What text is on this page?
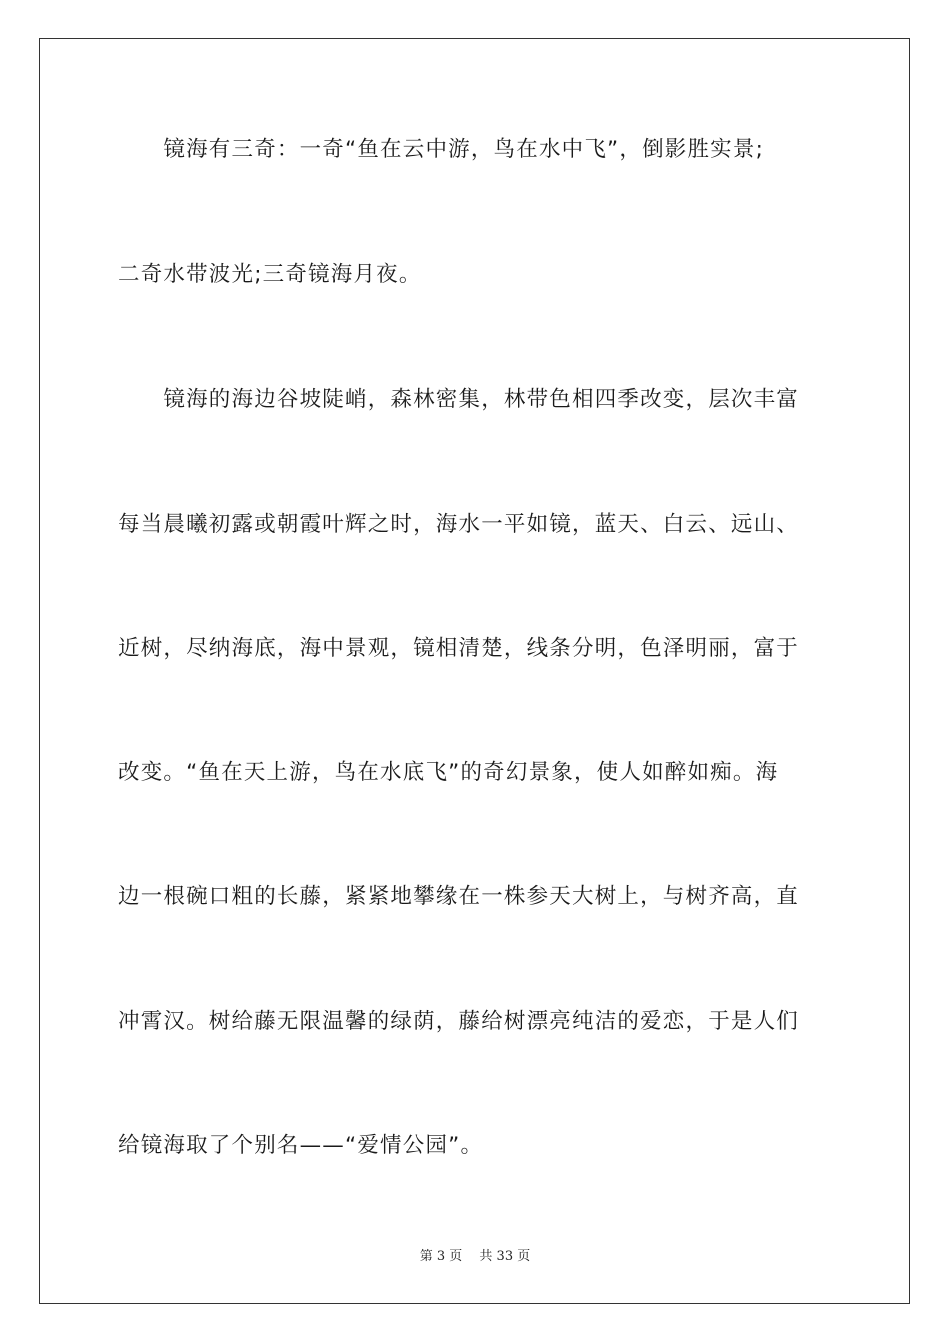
　　镜海有三奇：一奇“鱼在云中游，鸟在水中飞”，倒影胜实景;
二奇水带波光;三奇镜海月夜。
　　镜海的海边谷坡陡峭，森林密集，林带色相四季改变，层次丰富
每当晨曦初露或朝霞叶辉之时，海水一平如镜，蓝天、白云、远山、
近树，尽纳海底，海中景观，镜相清楚，线条分明，色泽明丽，富于
改变。“鱼在天上游，鸟在水底飞”的奇幻景象，使人如醉如痴。海
边一根碗口粗的长藤，紧紧地攀缘在一株参天大树上，与树齐高，直
冲霄汉。树给藤无限温馨的绿荫，藤给树漂亮纯洁的爱恋，于是人们
给镜海取了个别名——“爱情公园”。
第 3 页　 共 33 页
